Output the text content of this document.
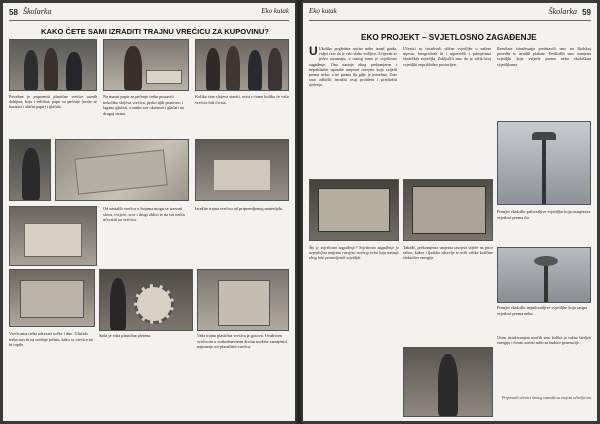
58 Školarka	Eko kutak
KAKO ĆETE SAMI IZRADITI TRAJNU VREĆICU ZA KUPOVINU?
Potrebne je pripremiti plastične vrećice raznih debljina, boja i veličina, papir za pečenje (može se koristiti i obični papir) i glačalo.
Na masni papir za pečenje treba postaviti nekoliko slojeva vrećica, preko njih ponovno i lagano glačati, a zatim sve okrenuti i glačati na drugoj strani.
Koliko ćete slojeva staviti, ovisi o tome koliko će vaša vrećica biti čvrsta.
Od nastalih vrećica u bojama mogu se izrezati slova, cvijeće, srce i drugi oblici te na isti način učvrstiti za vrećicu.
Izrežite trajnu vrećicu od pripremljenog materijala.
Vrećicama treba odrezati ručke i dno. Glačalo treba staviti na srednje jačinu, kako se vrećice ne bi topile.
Sada je vaša plastična pletena.	Vaša trajna plastična vrećica je gotova. Ovakvom vrećicom u svakodnevnom životu možete zamijeniti najmanje sto plastičnih vrećica.
Eko kutak	Školarka 59
EKO PROJEKT – SVJETLOSNO ZAGAĐENJE
U Ukoliko pogledate noćno nebo iznad grada, vidjet ćete da je vrlo slabo vidljivo. Zvijezde se jedva razaznaju, a razlog tome je svjetlosno zagađenje. Ono nastaje zbog prekomjerne i neprikladne uporabe umjetne rasvjete koja svijetli prema nebu, a ne prema tlu gdje je potrebna. Zato smo odlučili istražiti ovaj problem i predložiti rješenja.
Učenici su istraživali ulične svjetiljke u našem mjestu, fotografirali ih i usporedili s primjerima ekoloških svjetiljki. Zaključili smo da je velik broj svjetiljki neprikladno postavljen.
Rezultate istraživanja predstavili smo na školskoj priredbi te izradili plakate. Predložili smo zamjenu svjetiljki koje svijetle prema nebu ekološkim svjetiljkama.
Primjer ekološki prihvatljive svjetiljke koja usmjerava svjetlost prema tlu.
Što je svjetlosno zagađenje? Svjetlosno zagađenje je nepoželjna umjetna rasvjeta noćnog neba koja nastaje zbog loše postavljenih svjetiljki.
Takođe, prekomjerna umjetna rasvjeta utječe na ptice selice, kukce i ljudsko zdravlje te troši velike količine električne energije.
Primjer ekološki neprihvatljive svjetiljke koja rasipa svjetlost prema nebu.
Ovim istraživanjem naučili smo koliko je važno štedjeti energiju i čuvati noćno nebo za buduće generacije.
Pripremili učenici šestog razreda sa svojom učiteljicom
